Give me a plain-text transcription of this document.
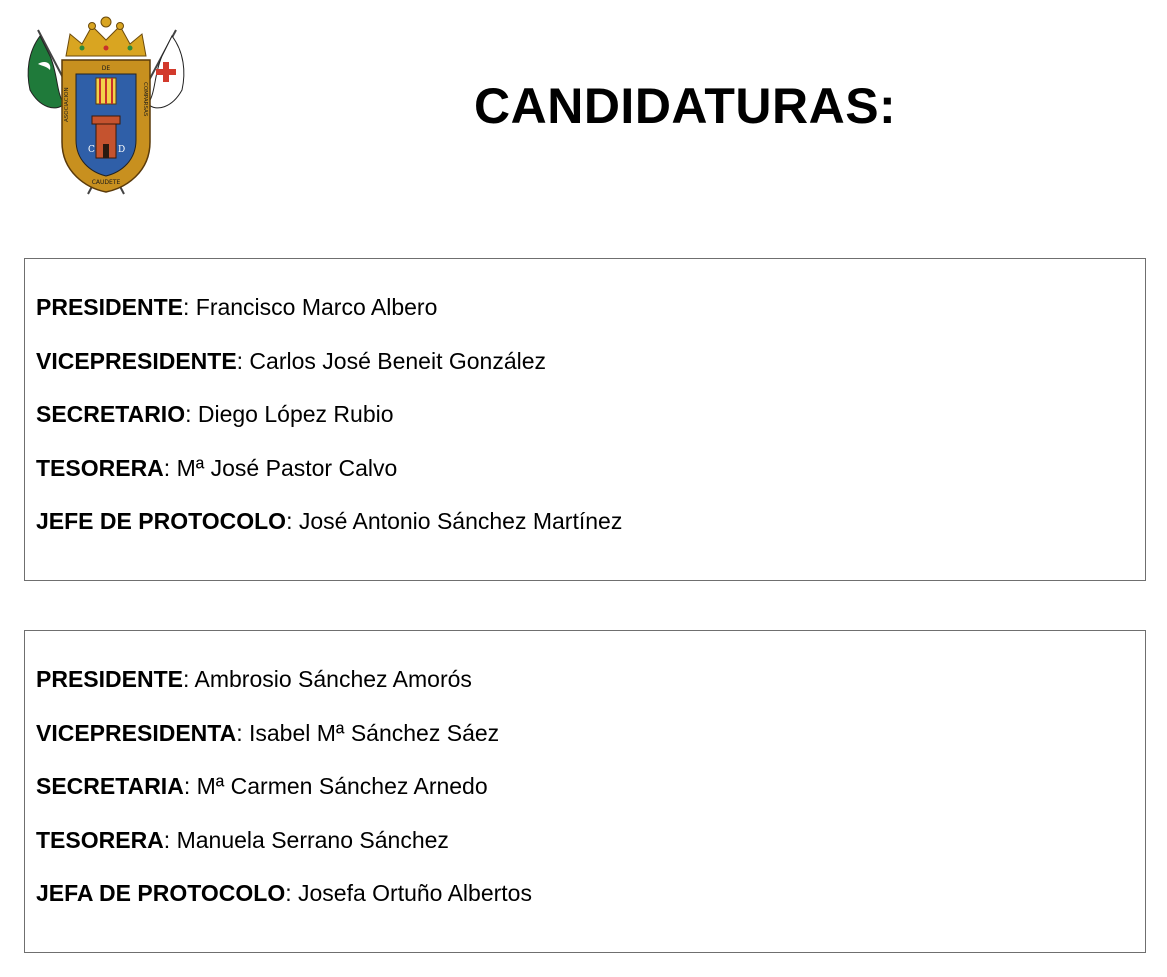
DE
ASOCIACION	COMPARSAS
CAUDETE
C	D
CANDIDATURAS:
PRESIDENTE: Francisco Marco Albero
VICEPRESIDENTE: Carlos José Beneit González
SECRETARIO: Diego López Rubio
TESORERA: Mª José Pastor Calvo
JEFE DE PROTOCOLO: José Antonio Sánchez Martínez
PRESIDENTE: Ambrosio Sánchez Amorós
VICEPRESIDENTA: Isabel Mª Sánchez Sáez
SECRETARIA: Mª Carmen Sánchez Arnedo
TESORERA: Manuela Serrano Sánchez
JEFA DE PROTOCOLO: Josefa Ortuño Albertos
